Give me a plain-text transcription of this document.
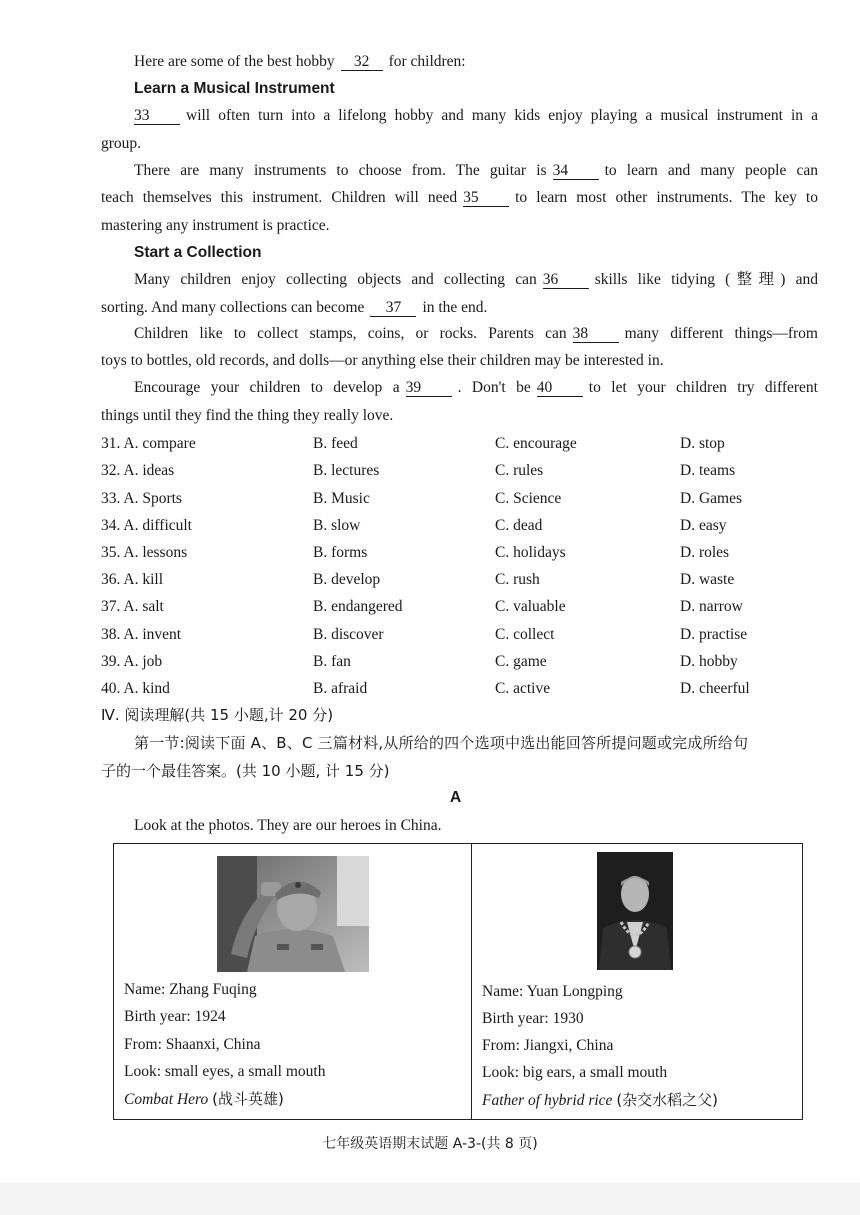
Here are some of the best hobby 32 for children:
Learn a Musical Instrument
33 will often turn into a lifelong hobby and many kids enjoy playing a musical instrument in a
group.
There are many instruments to choose from. The guitar is 34 to learn and many people can
teach themselves this instrument. Children will need 35 to learn most other instruments. The key to
mastering any instrument is practice.
Start a Collection
Many children enjoy collecting objects and collecting can 36 skills like tidying (整理) and
sorting. And many collections can become 37 in the end.
Children like to collect stamps, coins, or rocks. Parents can 38 many different things—from
toys to bottles, old records, and dolls—or anything else their children may be interested in.
Encourage your children to develop a 39 . Don't be 40 to let your children try different
things until they find the thing they really love.
31. A. compare	B. feed	C. encourage	D. stop
32. A. ideas	B. lectures	C. rules	D. teams
33. A. Sports	B. Music	C. Science	D. Games
34. A. difficult	B. slow	C. dead	D. easy
35. A. lessons	B. forms	C. holidays	D. roles
36. A. kill	B. develop	C. rush	D. waste
37. A. salt	B. endangered	C. valuable	D. narrow
38. A. invent	B. discover	C. collect	D. practise
39. A. job	B. fan	C. game	D. hobby
40. A. kind	B. afraid	C. active	D. cheerful
Ⅳ. 阅读理解(共 15 小题,计 20 分)
第一节:阅读下面 A、B、C 三篇材料,从所给的四个选项中选出能回答所提问题或完成所给句
子的一个最佳答案。(共 10 小题, 计 15 分)
A
Look at the photos. They are our heroes in China.
Name: Zhang Fuqing
Birth year: 1924
From: Shaanxi, China
Look: small eyes, a small mouth
Combat Hero (战斗英雄)
Name: Yuan Longping
Birth year: 1930
From: Jiangxi, China
Look: big ears, a small mouth
Father of hybrid rice (杂交水稻之父)
七年级英语期末试题 A-3-(共 8 页)
